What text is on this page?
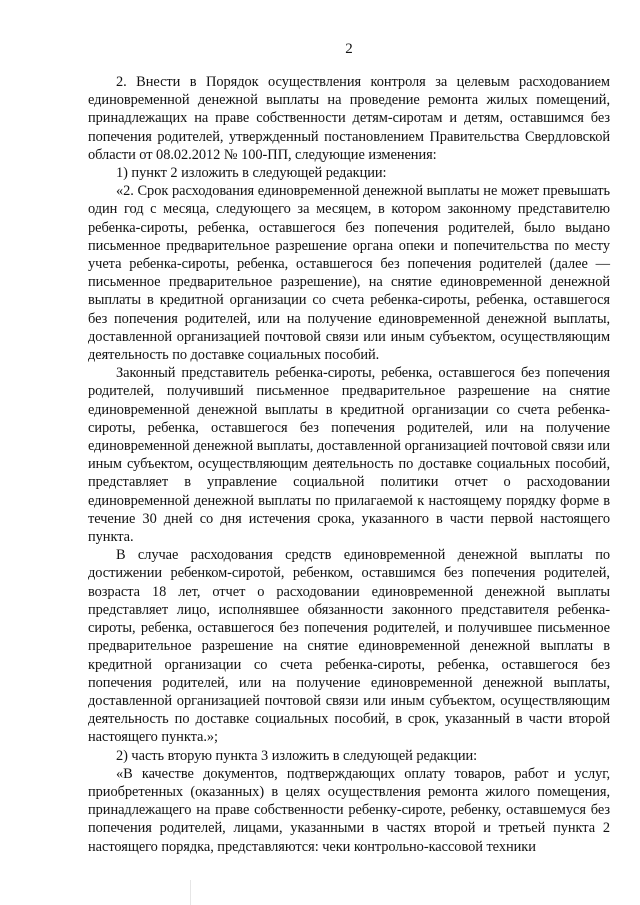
2

2. Внести в Порядок осуществления контроля за целевым расходованием единовременной денежной выплаты на проведение ремонта жилых помещений, принадлежащих на праве собственности детям-сиротам и детям, оставшимся без попечения родителей, утвержденный постановлением Правительства Свердловской области от 08.02.2012 № 100-ПП, следующие изменения:

1) пункт 2 изложить в следующей редакции:

«2. Срок расходования единовременной денежной выплаты не может превышать один год с месяца, следующего за месяцем, в котором законному представителю ребенка-сироты, ребенка, оставшегося без попечения родителей, было выдано письменное предварительное разрешение органа опеки и попечительства по месту учета ребенка-сироты, ребенка, оставшегося без попечения родителей (далее — письменное предварительное разрешение), на снятие единовременной денежной выплаты в кредитной организации со счета ребенка-сироты, ребенка, оставшегося без попечения родителей, или на получение единовременной денежной выплаты, доставленной организацией почтовой связи или иным субъектом, осуществляющим деятельность по доставке социальных пособий.

Законный представитель ребенка-сироты, ребенка, оставшегося без попечения родителей, получивший письменное предварительное разрешение на снятие единовременной денежной выплаты в кредитной организации со счета ребенка-сироты, ребенка, оставшегося без попечения родителей, или на получение единовременной денежной выплаты, доставленной организацией почтовой связи или иным субъектом, осуществляющим деятельность по доставке социальных пособий, представляет в управление социальной политики отчет о расходовании единовременной денежной выплаты по прилагаемой к настоящему порядку форме в течение 30 дней со дня истечения срока, указанного в части первой настоящего пункта.

В случае расходования средств единовременной денежной выплаты по достижении ребенком-сиротой, ребенком, оставшимся без попечения родителей, возраста 18 лет, отчет о расходовании единовременной денежной выплаты представляет лицо, исполнявшее обязанности законного представителя ребенка-сироты, ребенка, оставшегося без попечения родителей, и получившее письменное предварительное разрешение на снятие единовременной денежной выплаты в кредитной организации со счета ребенка-сироты, ребенка, оставшегося без попечения родителей, или на получение единовременной денежной выплаты, доставленной организацией почтовой связи или иным субъектом, осуществляющим деятельность по доставке социальных пособий, в срок, указанный в части второй настоящего пункта.»;

2) часть вторую пункта 3 изложить в следующей редакции:

«В качестве документов, подтверждающих оплату товаров, работ и услуг, приобретенных (оказанных) в целях осуществления ремонта жилого помещения, принадлежащего на праве собственности ребенку-сироте, ребенку, оставшемуся без попечения родителей, лицами, указанными в частях второй и третьей пункта 2 настоящего порядка, представляются: чеки контрольно-кассовой техники
